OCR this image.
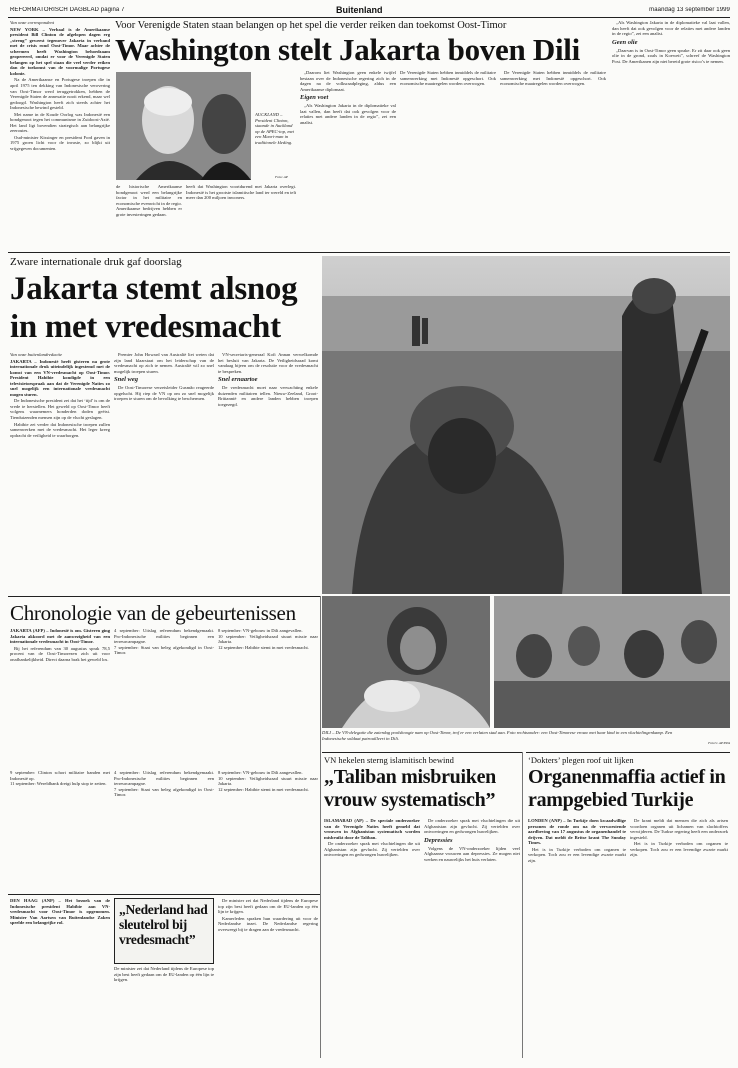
REFORMATORISCH DAGBLAD pagina 7	Buitenland	maandag 13 september 1999

Van onze correspondent

NEW YORK – Verbaal is de Amerikaanse president Bill Clinton de afgelopen dagen erg „streng” geweest tegenover Jakarta in verband met de crisis rond Oost-Timor. Maar achter de schermen heeft Washington behoedzaam geopereerd, omdat er voor de Verenigde Staten belangen op het spel staan die veel verder reiken dan de toekomst van de voormalige Portugese kolonie.

Na de Amerikaanse en Portugese troepen die in april 1975 ten dekking van Indonesische verovering van Oost-Timor werd teruggetrokken, hebben de Verenigde Staten de annexatie nooit erkend, maar wel gedoogd. Washington heeft zich steeds achter het Indonesische bewind gesteld.

Met name in de Koude Oorlog was Indonesië een bondgenoot tegen het communisme in Zuidoost-Azië. Het land ligt bovendien strategisch aan belangrijke zeeroutes.

Oud-minister Kissinger en president Ford gaven in 1975 groen licht voor de invasie, zo blijkt uit vrijgegeven documenten.

Voor Verenigde Staten staan belangen op het spel die verder reiken dan toekomst Oost-Timor
Washington stelt Jakarta boven Dili
AUCKLAND – President Clinton, staande in Auckland op de APEC-top, met een Maori-man in traditionele kleding.
Foto: AP
de historische Amerikaanse bondgenoot werd een belangrijke factor in het militaire en economische evenwicht in de regio. Amerikaanse bedrijven hebben er grote investeringen gedaan.
heeft dat Washington voortdurend met Jakarta overlegt. Indonesië is het grootste islamitische land ter wereld en telt meer dan 200 miljoen inwoners.

„Daarom liet Washington geen enkele twijfel bestaan over de Indonesische regering zich in de dagen na de volksraadpleging, aldus een Amerikaanse diplomaat.

Eigen voet

„Als Washington Jakarta in de diplomatieke val laat vallen, dan heeft dat ook gevolgen voor de relaties met andere landen in de regio”, zei een analist.

De Verenigde Staten hebben inmiddels de militaire samenwerking met Indonesië opgeschort. Ook economische maatregelen worden overwogen.

De Verenigde Staten hebben inmiddels de militaire samenwerking met Indonesië opgeschort. Ook economische maatregelen worden overwogen.

„Als Washington Jakarta in de diplomatieke val laat vallen, dan heeft dat ook gevolgen voor de relaties met andere landen in de regio”, zei een analist.

Geen olie

„Daarvan is in Oost-Timor geen sprake. Er zit daar ook geen olie in de grond, zoals in Koeweit”, schreef de Washington Post. De Amerikanen zijn niet bereid grote risico’s te nemen.

Zware internationale druk gaf doorslag
Jakarta stemt alsnog in met vredesmacht

Van onze buitenlandredactie

JAKARTA – Indonesië heeft gisteren na grote internationale druk uiteindelijk ingestemd met de komst van een VN-vredesmacht op Oost-Timor. President Habibie kondigde in een televisietoespraak aan dat de Verenigde Naties zo snel mogelijk een internationale vredesmacht mogen sturen.

De Indonesische president zei dat het ‘tijd’ is om de vrede te herstellen. Het geweld op Oost-Timor heeft volgens waarnemers honderden doden geëist. Tienduizenden mensen zijn op de vlucht geslagen.

Habibie zei verder dat Indonesische troepen zullen samenwerken met de vredesmacht. Het leger kreeg opdracht de veiligheid te waarborgen.

Premier John Howard van Australië liet weten dat zijn land klaarstaat om het leiderschap van de vredesmacht op zich te nemen. Australië wil zo snel mogelijk troepen sturen.

Snel weg

De Oost-Timorese verzetsleider Gusmão reageerde opgelucht. Hij riep de VN op om zo snel mogelijk troepen te sturen om de bevolking te beschermen.

VN-secretaris-generaal Kofi Annan verwelkomde het besluit van Jakarta. De Veiligheidsraad komt vandaag bijeen om de resolutie voor de vredesmacht te bespreken.

Snel ernaartoe

De vredesmacht moet naar verwachting enkele duizenden militairen tellen. Nieuw-Zeeland, Groot-Brittannië en andere landen hebben troepen toegezegd.

DILI – De VN-delegatie die zaterdag poolshoogte nam op Oost-Timor, trof er een verlaten stad aan. Foto rechtsonder: een Oost-Timorese vrouw met haar kind in een vluchtelingenkamp. Een Indonesische soldaat patrouilleert in Dili.
Foto’s: AP/EPA
Chronologie van de gebeurtenissen

JAKARTA (AFP) – Indonesië is om. Gisteren ging Jakarta akkoord met de aanwezigheid van een internationale vredesmacht in Oost-Timor.

Bij het referendum van 30 augustus sprak 78,5 procent van de Oost-Timorezen zich uit voor onafhankelijkheid. Direct daarna brak het geweld los.

4 september: Uitslag referendum bekendgemaakt. Pro-Indonesische milities beginnen een terreurcampagne.
7 september: Staat van beleg afgekondigd in Oost-Timor.
8 september: VN-gebouw in Dili aangevallen.
10 september: Veiligheidsraad stuurt missie naar Jakarta.
12 september: Habibie stemt in met vredesmacht.
9 september: Clinton schort militaire banden met Indonesië op.
11 september: Wereldbank dreigt hulp stop te zetten.
4 september: Uitslag referendum bekendgemaakt. Pro-Indonesische milities beginnen een terreurcampagne.
7 september: Staat van beleg afgekondigd in Oost-Timor.
8 september: VN-gebouw in Dili aangevallen.
10 september: Veiligheidsraad stuurt missie naar Jakarta.
12 september: Habibie stemt in met vredesmacht.
VN hekelen sterng islamitisch bewind
„Taliban misbruiken vrouw systematisch”

ISLAMABAD (AP) – De speciale onderzoeker van de Verenigde Naties heeft gemeld dat vrouwen in Afghanistan systematisch worden misbruikt door de Taliban.

De onderzoeker sprak met vluchtelingen die uit Afghanistan zijn gevlucht. Zij vertelden over ontvoeringen en gedwongen huwelijken.

De onderzoeker sprak met vluchtelingen die uit Afghanistan zijn gevlucht. Zij vertelden over ontvoeringen en gedwongen huwelijken.

Depressies

Volgens de VN-onderzoeker lijden veel Afghaanse vrouwen aan depressies. Ze mogen niet werken en nauwelijks het huis verlaten.

DEN HAAG (ANP) – Het bezoek van de Indonesische president Habibie aan VN-vredesmacht voor Oost-Timor is opgenomen. Minister Van Aartsen van Buitenlandse Zaken speelde een belangrijke rol.

„Nederland had sleutelrol bij vredesmacht”
De minister zei dat Nederland tijdens de Europese top zijn best heeft gedaan om de EU-landen op één lijn te krijgen.

De minister zei dat Nederland tijdens de Europese top zijn best heeft gedaan om de EU-landen op één lijn te krijgen.

Kamerleden spraken hun waardering uit voor de Nederlandse inzet. De Nederlandse regering overweegt bij te dragen aan de vredesmacht.

‘Dokters’ plegen roof uit lijken
Organenmaffia actief in rampgebied Turkije

LONDEN (ANP) – In Turkije doen kwaadwillige personen de ronde om na de verwoestende aardbeving van 17 augustus de organenhandel te drijven. Dat meldt de Britse krant The Sunday Times.

Het is in Turkije verboden om organen te verkopen. Toch zou er een levendige zwarte markt zijn.

De krant meldt dat mensen die zich als artsen voordoen organen uit lichamen van slachtoffers verwijderen. De Turkse regering heeft een onderzoek ingesteld.

Het is in Turkije verboden om organen te verkopen. Toch zou er een levendige zwarte markt zijn.
